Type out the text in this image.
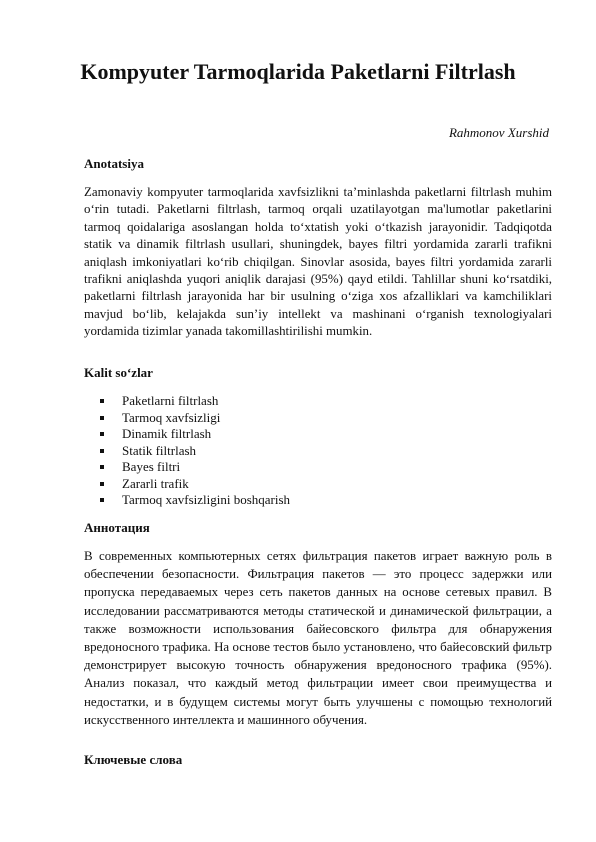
Kompyuter Tarmoqlarida Paketlarni Filtrlash

Rahmonov Xurshid

Anotatsiya

Zamonaviy kompyuter tarmoqlarida xavfsizlikni ta’minlashda paketlarni filtrlash muhim o‘rin tutadi. Paketlarni filtrlash, tarmoq orqali uzatilayotgan ma'lumotlar paketlarini tarmoq qoidalariga asoslangan holda to‘xtatish yoki o‘tkazish jarayonidir. Tadqiqotda statik va dinamik filtrlash usullari, shuningdek, bayes filtri yordamida zararli trafikni aniqlash imkoniyatlari ko‘rib chiqilgan. Sinovlar asosida, bayes filtri yordamida zararli trafikni aniqlashda yuqori aniqlik darajasi (95%) qayd etildi. Tahlillar shuni ko‘rsatdiki, paketlarni filtrlash jarayonida har bir usulning o‘ziga xos afzalliklari va kamchiliklari mavjud bo‘lib, kelajakda sun’iy intellekt va mashinani o‘rganish texnologiyalari yordamida tizimlar yanada takomillashtirilishi mumkin.

Kalit so‘zlar

Paketlarni filtrlash
Tarmoq xavfsizligi
Dinamik filtrlash
Statik filtrlash
Bayes filtri
Zararli trafik
Tarmoq xavfsizligini boshqarish

Аннотация

В современных компьютерных сетях фильтрация пакетов играет важную роль в обеспечении безопасности. Фильтрация пакетов — это процесс задержки или пропуска передаваемых через сеть пакетов данных на основе сетевых правил. В исследовании рассматриваются методы статической и динамической фильтрации, а также возможности использования байесовского фильтра для обнаружения вредоносного трафика. На основе тестов было установлено, что байесовский фильтр демонстрирует высокую точность обнаружения вредоносного трафика (95%). Анализ показал, что каждый метод фильтрации имеет свои преимущества и недостатки, и в будущем системы могут быть улучшены с помощью технологий искусственного интеллекта и машинного обучения.

Ключевые слова
